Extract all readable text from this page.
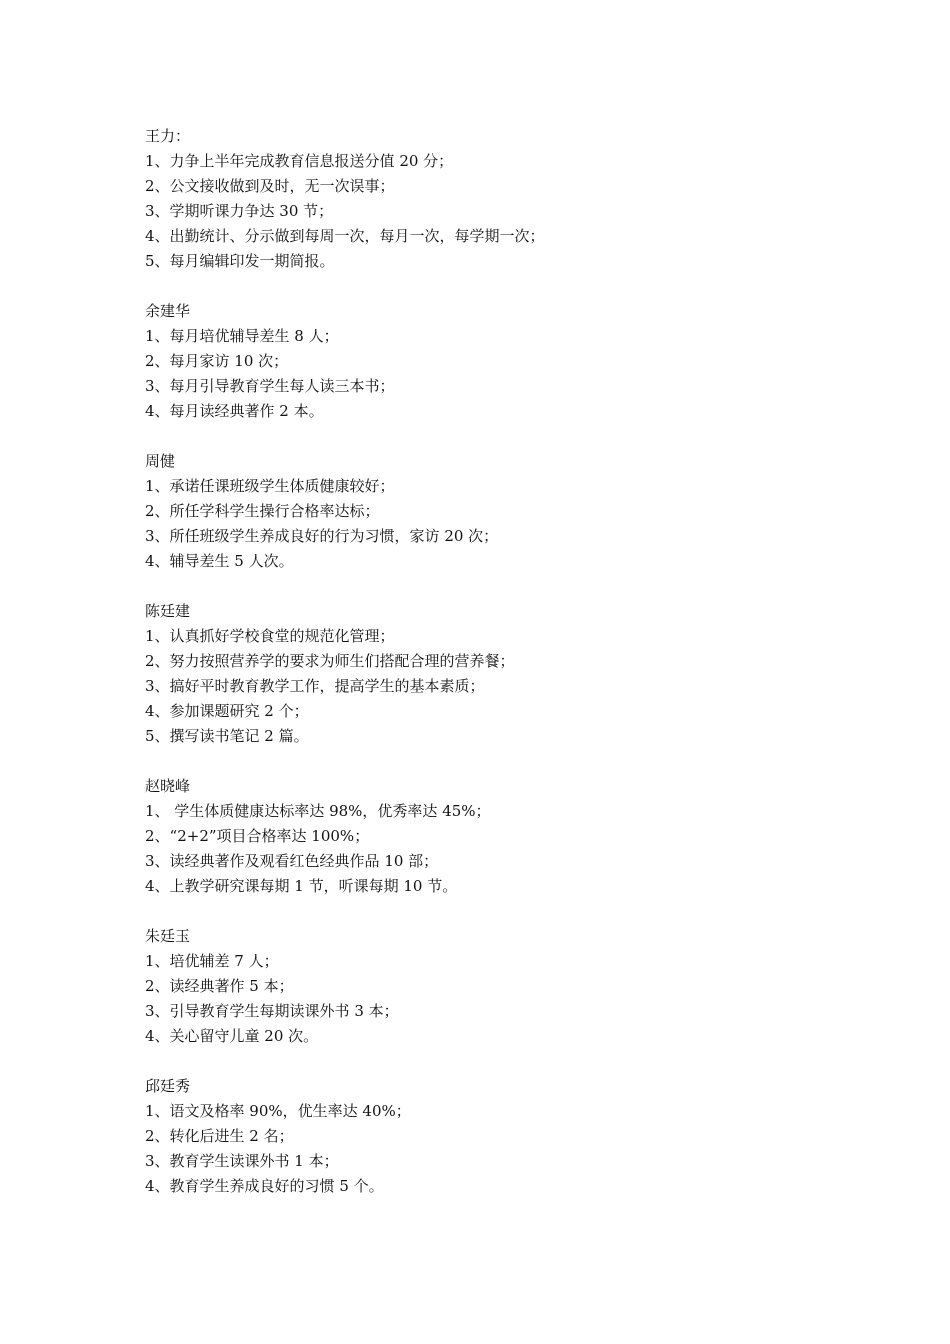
王力：

1、力争上半年完成教育信息报送分值 20 分；

2、公文接收做到及时，无一次误事；

3、学期听课力争达 30 节；

4、出勤统计、分示做到每周一次，每月一次，每学期一次；

5、每月编辑印发一期简报。

余建华

1、每月培优辅导差生 8 人；

2、每月家访 10 次；

3、每月引导教育学生每人读三本书；

4、每月读经典著作 2 本。

周健

1、承诺任课班级学生体质健康较好；

2、所任学科学生操行合格率达标；

3、所任班级学生养成良好的行为习惯，家访 20 次；

4、辅导差生 5 人次。

陈廷建

1、认真抓好学校食堂的规范化管理；

2、努力按照营养学的要求为师生们搭配合理的营养餐；

3、搞好平时教育教学工作，提高学生的基本素质；

4、参加课题研究 2 个；

5、撰写读书笔记 2 篇。

赵晓峰

1、 学生体质健康达标率达 98%，优秀率达 45%；

2、“2+2”项目合格率达 100%；

3、读经典著作及观看红色经典作品 10 部；

4、上教学研究课每期 1 节，听课每期 10 节。

朱廷玉

1、培优辅差 7 人；

2、读经典著作 5 本；

3、引导教育学生每期读课外书 3 本；

4、关心留守儿童 20 次。

邱廷秀

1、语文及格率 90%，优生率达 40%；

2、转化后进生 2 名；

3、教育学生读课外书 1 本；

4、教育学生养成良好的习惯 5 个。
